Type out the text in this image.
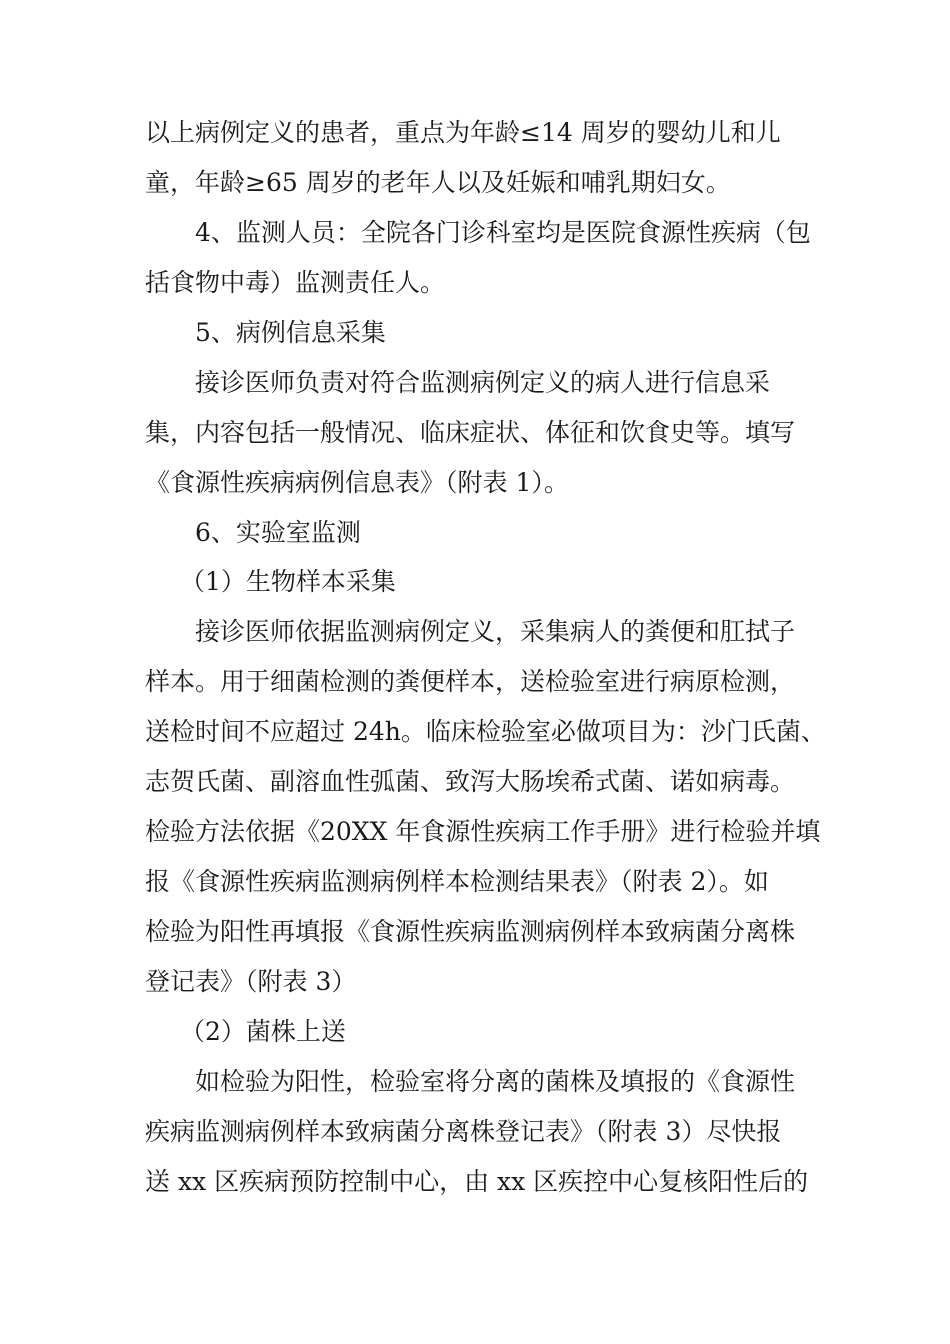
以上病例定义的患者，重点为年龄≤14 周岁的婴幼儿和儿
童，年龄≥65 周岁的老年人以及妊娠和哺乳期妇女。
4、监测人员：全院各门诊科室均是医院食源性疾病（包
括食物中毒）监测责任人。
5、病例信息采集
接诊医师负责对符合监测病例定义的病人进行信息采
集，内容包括一般情况、临床症状、体征和饮食史等。填写
《食源性疾病病例信息表》（附表 1）。
6、实验室监测
（1）生物样本采集
接诊医师依据监测病例定义，采集病人的粪便和肛拭子
样本。用于细菌检测的粪便样本，送检验室进行病原检测，
送检时间不应超过 24h。临床检验室必做项目为：沙门氏菌、
志贺氏菌、副溶血性弧菌、致泻大肠埃希式菌、诺如病毒。
检验方法依据《20XX 年食源性疾病工作手册》进行检验并填
报《食源性疾病监测病例样本检测结果表》（附表 2）。如
检验为阳性再填报《食源性疾病监测病例样本致病菌分离株
登记表》（附表 3）
（2）菌株上送
如检验为阳性，检验室将分离的菌株及填报的《食源性
疾病监测病例样本致病菌分离株登记表》（附表 3）尽快报
送 xx 区疾病预防控制中心，由 xx 区疾控中心复核阳性后的
